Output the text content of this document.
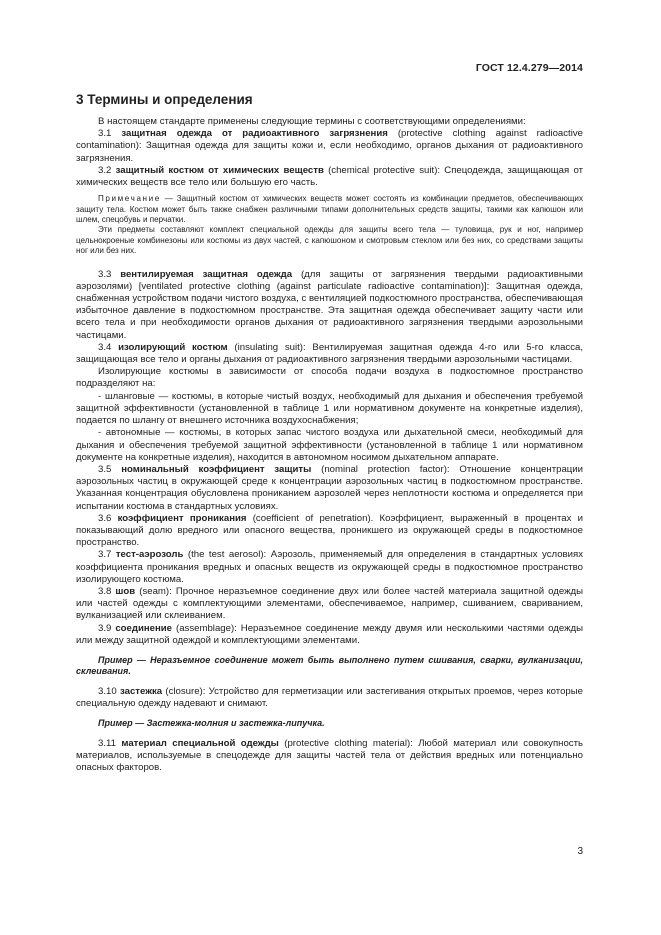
ГОСТ 12.4.279—2014
3 Термины и определения

В настоящем стандарте применены следующие термины с соответствующими определениями:

3.1 защитная одежда от радиоактивного загрязнения (protective clothing against radioactive contamination): Защитная одежда для защиты кожи и, если необходимо, органов дыхания от радиоактивного загрязнения.

3.2 защитный костюм от химических веществ (chemical protective suit): Спецодежда, защищающая от химических веществ все тело или большую его часть.

Примечание — Защитный костюм от химических веществ может состоять из комбинации предметов, обеспечивающих защиту тела. Костюм может быть также снабжен различными типами дополнительных средств защиты, такими как капюшон или шлем, спецобувь и перчатки.

Эти предметы составляют комплект специальной одежды для защиты всего тела — туловища, рук и ног, например цельнокроеные комбинезоны или костюмы из двух частей, с капюшоном и смотровым стеклом или без них, со средствами защиты ног или без них.

3.3 вентилируемая защитная одежда (для защиты от загрязнения твердыми радиоактивными аэрозолями) [ventilated protective clothing (against particulate radioactive contamination)]: Защитная одежда, снабженная устройством подачи чистого воздуха, с вентиляцией подкостюмного пространства, обеспечивающая избыточное давление в подкостюмном пространстве. Эта защитная одежда обеспечивает защиту части или всего тела и при необходимости органов дыхания от радиоактивного загрязнения твердыми аэрозольными частицами.

3.4 изолирующий костюм (insulating suit): Вентилируемая защитная одежда 4-го или 5-го класса, защищающая все тело и органы дыхания от радиоактивного загрязнения твердыми аэрозольными частицами.

Изолирующие костюмы в зависимости от способа подачи воздуха в подкостюмное пространство подразделяют на:

- шланговые — костюмы, в которые чистый воздух, необходимый для дыхания и обеспечения требуемой защитной эффективности (установленной в таблице 1 или нормативном документе на конкретные изделия), подается по шлангу от внешнего источника воздухоснабжения;

- автономные — костюмы, в которых запас чистого воздуха или дыхательной смеси, необходимый для дыхания и обеспечения требуемой защитной эффективности (установленной в таблице 1 или нормативном документе на конкретные изделия), находится в автономном носимом дыхательном аппарате.

3.5 номинальный коэффициент защиты (nominal protection factor): Отношение концентрации аэрозольных частиц в окружающей среде к концентрации аэрозольных частиц в подкостюмном пространстве. Указанная концентрация обусловлена прониканием аэрозолей через неплотности костюма и определяется при испытании костюма в стандартных условиях.

3.6 коэффициент проникания (coefficient of penetration). Коэффициент, выраженный в процентах и показывающий долю вредного или опасного вещества, проникшего из окружающей среды в подкостюмное пространство.

3.7 тест-аэрозоль (the test aerosol): Аэрозоль, применяемый для определения в стандартных условиях коэффициента проникания вредных и опасных веществ из окружающей среды в подкостюмное пространство изолирующего костюма.

3.8 шов (seam): Прочное неразъемное соединение двух или более частей материала защитной одежды или частей одежды с комплектующими элементами, обеспечиваемое, например, сшиванием, свариванием, вулканизацией или склеиванием.

3.9 соединение (assemblage): Неразъемное соединение между двумя или несколькими частями одежды или между защитной одеждой и комплектующими элементами.

Пример — Неразъемное соединение может быть выполнено путем сшивания, сварки, вулканизации, склеивания.

3.10 застежка (closure): Устройство для герметизации или застегивания открытых проемов, через которые специальную одежду надевают и снимают.

Пример — Застежка-молния и застежка-липучка.

3.11 материал специальной одежды (protective clothing material): Любой материал или совокупность материалов, используемые в спецодежде для защиты частей тела от действия вредных или потенциально опасных факторов.

3
